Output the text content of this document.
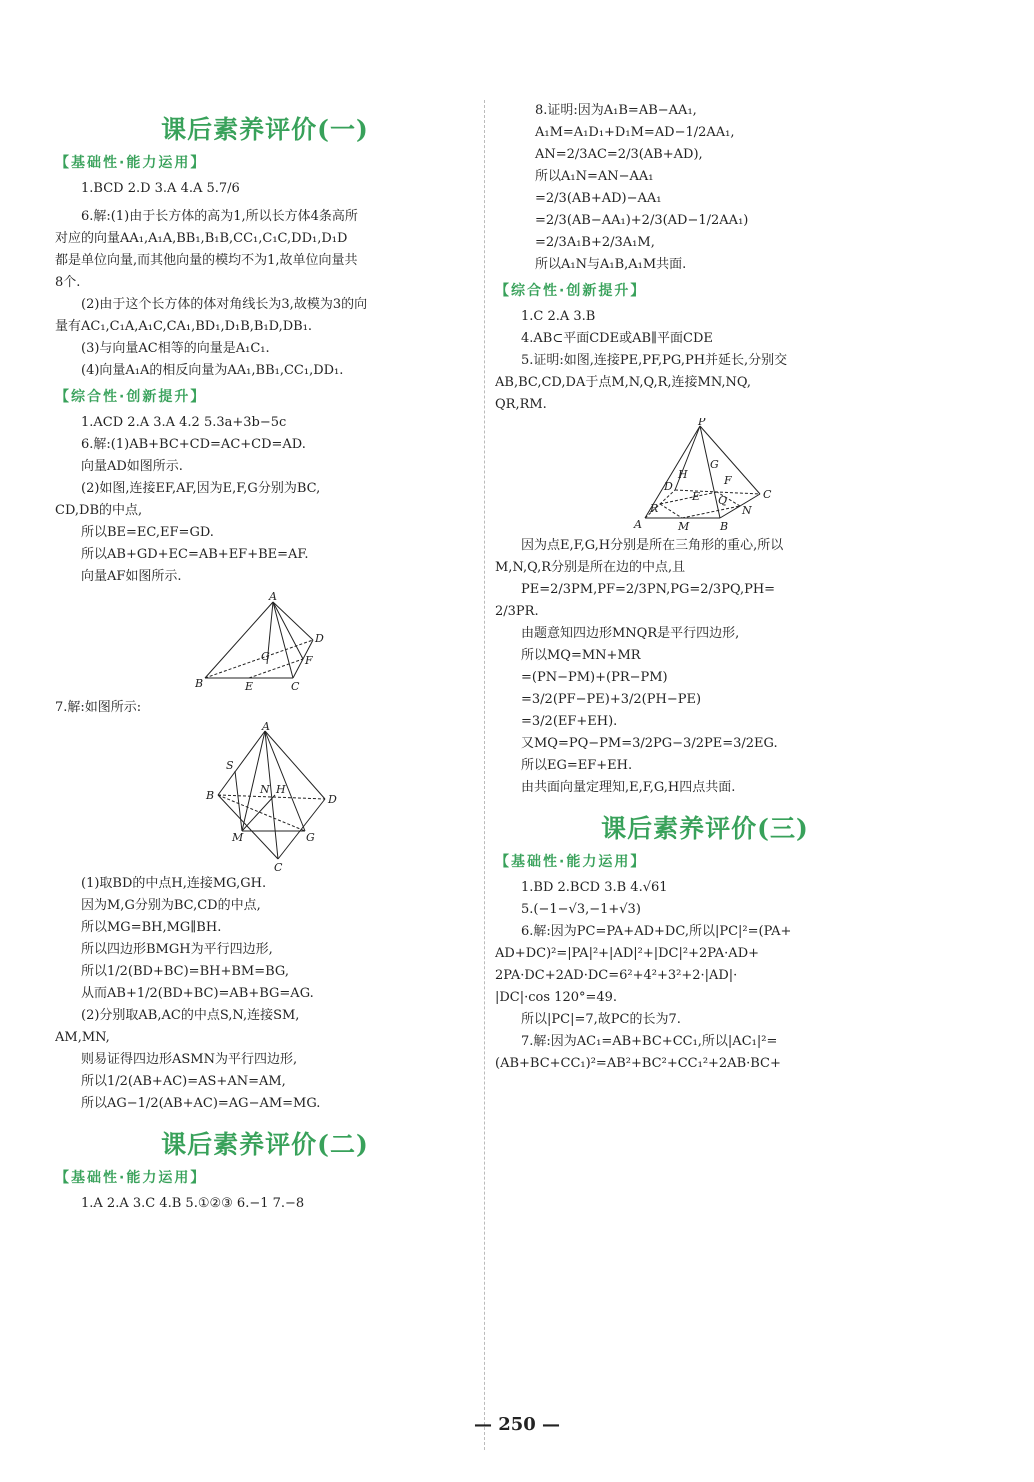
课后素养评价(一)
【基础性·能力运用】

1.BCD 2.D 3.A 4.A 5.7/6

6.解:(1)由于长方体的高为1,所以长方体4条高所

对应的向量AA₁,A₁A,BB₁,B₁B,CC₁,C₁C,DD₁,D₁D

都是单位向量,而其他向量的模均不为1,故单位向量共

8个.

(2)由于这个长方体的体对角线长为3,故模为3的向

量有AC₁,C₁A,A₁C,CA₁,BD₁,D₁B,B₁D,DB₁.

(3)与向量AC相等的向量是A₁C₁.

(4)向量A₁A的相反向量为AA₁,BB₁,CC₁,DD₁.

【综合性·创新提升】

1.ACD 2.A 3.A 4.2 5.3a+3b−5c

6.解:(1)AB+BC+CD=AC+CD=AD.

向量AD如图所示.

(2)如图,连接EF,AF,因为E,F,G分别为BC,

CD,DB的中点,

所以BE=EC,EF=GD.

所以AB+GD+EC=AB+EF+BE=AF.

向量AF如图所示.

A
B	C
D
E
F
G

7.解:如图所示:

A
B
C
D
S
N H
M	G

(1)取BD的中点H,连接MG,GH.

因为M,G分别为BC,CD的中点,

所以MG=BH,MG∥BH.

所以四边形BMGH为平行四边形,

所以1/2(BD+BC)=BH+BM=BG,

从而AB+1/2(BD+BC)=AB+BG=AG.

(2)分别取AB,AC的中点S,N,连接SM,

AM,MN,

则易证得四边形ASMN为平行四边形,

所以1/2(AB+AC)=AS+AN=AM,

所以AG−1/2(AB+AC)=AG−AM=MG.

课后素养评价(二)
【基础性·能力运用】

1.A 2.A 3.C 4.B 5.①②③ 6.−1 7.−8

8.证明:因为A₁B=AB−AA₁,

A₁M=A₁D₁+D₁M=AD−1/2AA₁,

AN=2/3AC=2/3(AB+AD),

所以A₁N=AN−AA₁

=2/3(AB+AD)−AA₁

=2/3(AB−AA₁)+2/3(AD−1/2AA₁)

=2/3A₁B+2/3A₁M,

所以A₁N与A₁B,A₁M共面.

【综合性·创新提升】

1.C 2.A 3.B

4.AB⊂平面CDE或AB∥平面CDE

5.证明:如图,连接PE,PF,PG,PH并延长,分别交

AB,BC,CD,DA于点M,N,Q,R,连接MN,NQ,

QR,RM.

P
A	B
C
D
E
F
G
H
M
N
Q
R

因为点E,F,G,H分别是所在三角形的重心,所以

M,N,Q,R分别是所在边的中点,且

PE=2/3PM,PF=2/3PN,PG=2/3PQ,PH=

2/3PR.

由题意知四边形MNQR是平行四边形,

所以MQ=MN+MR

=(PN−PM)+(PR−PM)

=3/2(PF−PE)+3/2(PH−PE)

=3/2(EF+EH).

又MQ=PQ−PM=3/2PG−3/2PE=3/2EG.

所以EG=EF+EH.

由共面向量定理知,E,F,G,H四点共面.

课后素养评价(三)
【基础性·能力运用】

1.BD 2.BCD 3.B 4.√61

5.(−1−√3,−1+√3)

6.解:因为PC=PA+AD+DC,所以|PC|²=(PA+

AD+DC)²=|PA|²+|AD|²+|DC|²+2PA·AD+

2PA·DC+2AD·DC=6²+4²+3²+2·|AD|·

|DC|·cos 120°=49.

所以|PC|=7,故PC的长为7.

7.解:因为AC₁=AB+BC+CC₁,所以|AC₁|²=

(AB+BC+CC₁)²=AB²+BC²+CC₁²+2AB·BC+

— 250 —
